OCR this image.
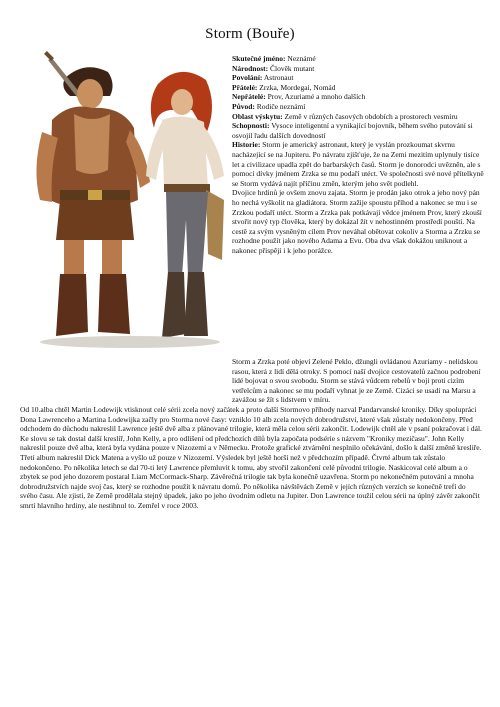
Storm (Bouře)

Skutečné jméno: Neznámé

Národnost: Člověk mutant

Povolání: Astronaut

Přátelé: Zrzka, Mordegai, Nomád

Nepřátelé: Prov, Azuriamé a mnoho dalších

Původ: Rodiče neznámí

Oblast výskytu: Země v různých časových obdobích a prostorech vesmíru

Schopnosti: Vysoce inteligentní a vynikající bojovník, během svého putování si osvojil řadu dalších dovedností

Historie: Storm je americký astronaut, který je vyslán prozkoumat skvrnu nacházející se na Jupiteru. Po návratu zjišťuje, že na Zemi mezitím uplynuly tisíce let a civilizace upadla zpět do barbarských časů. Storm je donorodci uvězněn, ale s pomocí dívky jménem Zrzka se mu podaří utéct. Ve společnosti své nové přítelkyně se Storm vydává najít příčinu změn, kterým jeho svět podlehl.

Dvojice hrdinů je ovšem znovu zajata. Storm je prodán jako otrok a jeho nový pán ho nechá vyškolit na gladiátora. Storm zažije spoustu příhod a nakonec se mu i se Zrzkou podaří utéct. Storm a Zrzka pak potkávají vědce jménem Prov, který zkouší stvořit nový typ člověka, který by dokázal žít v nehostinném prostředí pouští. Na cestě za svým vysněným cílem Prov neváhal obětovat cokoliv a Storma a Zrzku se rozhodne použít jako nového Adama a Evu. Oba dva však dokážou uniknout a nakonec přispějí i k jeho porážce.

Storm a Zrzka poté objeví Zelené Peklo, džungli ovládanou Azuriamy - nelidskou rasou, která z lidí dělá otroky. S pomocí naší dvojice cestovatelů začnou podrobení lidé bojovat o svou svobodu. Storm se stává vůdcem rebelů v boji proti cizím vetřelcům a nakonec se mu podaří vyhnat je ze Země. Cizáci se usadí na Marsu a zavážou se žít s lidstvem v míru.

Od 10.alba chtěl Martin Lodewijk vtisknout celé sérii zcela nový začátek a proto další Stormovo příhody nazval Pandarvanské kroniky. Díky spolupráci Dona Lawrenceho a Martina Lodewijka začly pro Storma nové časy: vzniklo 10 alb zcela nových dobrodružství, které však zůstaly nedokončeny. Před odchodem do důchodu nakreslil Lawrence ještě dvě alba z plánované trilogie, která měla celou sérii zakončit. Lodewijk chtěl ale v psaní pokračovat i dál. Ke slovu se tak dostal další kreslíř, John Kelly, a pro odlišení od předchozích dílů byla započata podsérie s názvem "Kroniky mezičasu". John Kelly nakreslil pouze dvě alba, která byla vydána pouze v Nizozemí a v Německu. Protože grafické ztvárnění nesplnilo očekávání, došlo k další změně kresliře. Třetí album nakreslil Dick Matena a vyšlo už pouze v Nizozemí. Výsledek byl ještě horší než v předchozím případě. Čtvrté album tak zůstalo nedokončeno. Po několika letech se dal 70-ti letý Lawrence přemluvit k tomu, aby stvořil zakončení celé původní trilogie. Naskicoval celé album a o zbytek se pod jeho dozorem postaral Liam McCormack-Sharp. Závěrečná trilogie tak byla konečně uzavřena. Storm po nekonečném putování a mnoha dobrodružstvích najde svoj čas, který se rozhodne použít k návratu domů. Po několika návštěvách Země v jejích různých verzích se konečně trefí do svého času. Ale zjistí, že Země prodělala stejný úpadek, jako po jeho úvodním odletu na Jupiter. Don Lawrence toužil celou sérii na úplný závěr zakončit smrtí hlavního hrdiny, ale nestihnul to. Zemřel v roce 2003.
